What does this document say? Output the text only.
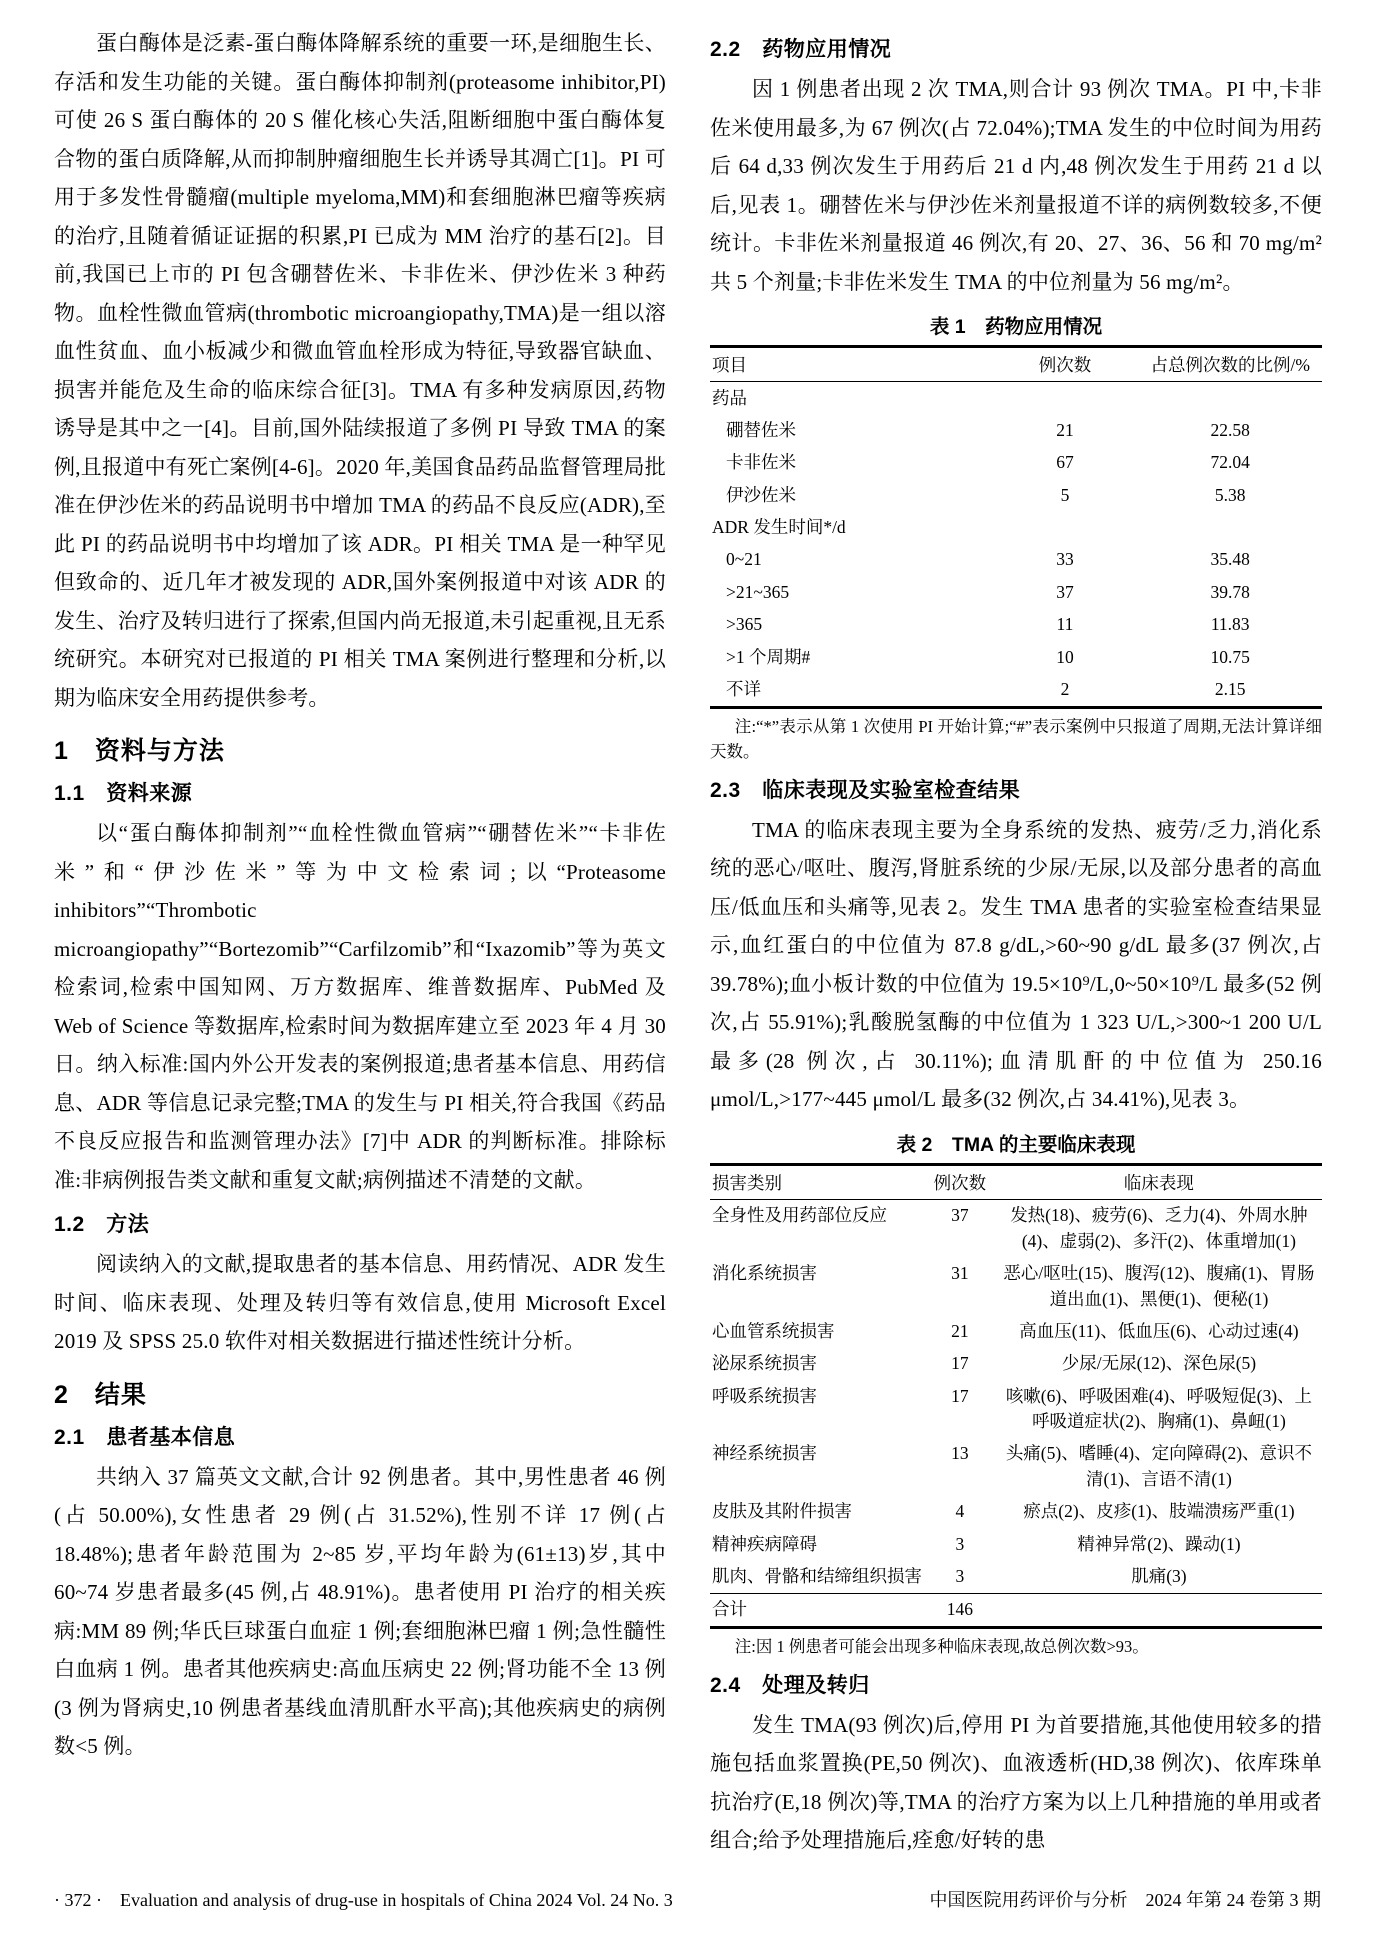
蛋白酶体是泛素-蛋白酶体降解系统的重要一环,是细胞生长、存活和发生功能的关键。蛋白酶体抑制剂(proteasome inhibitor,PI)可使 26 S 蛋白酶体的 20 S 催化核心失活,阻断细胞中蛋白酶体复合物的蛋白质降解,从而抑制肿瘤细胞生长并诱导其凋亡[1]。PI 可用于多发性骨髓瘤(multiple myeloma,MM)和套细胞淋巴瘤等疾病的治疗,且随着循证证据的积累,PI 已成为 MM 治疗的基石[2]。目前,我国已上市的 PI 包含硼替佐米、卡非佐米、伊沙佐米 3 种药物。血栓性微血管病(thrombotic microangiopathy,TMA)是一组以溶血性贫血、血小板减少和微血管血栓形成为特征,导致器官缺血、损害并能危及生命的临床综合征[3]。TMA 有多种发病原因,药物诱导是其中之一[4]。目前,国外陆续报道了多例 PI 导致 TMA 的案例,且报道中有死亡案例[4-6]。2020 年,美国食品药品监督管理局批准在伊沙佐米的药品说明书中增加 TMA 的药品不良反应(ADR),至此 PI 的药品说明书中均增加了该 ADR。PI 相关 TMA 是一种罕见但致命的、近几年才被发现的 ADR,国外案例报道中对该 ADR 的发生、治疗及转归进行了探索,但国内尚无报道,未引起重视,且无系统研究。本研究对已报道的 PI 相关 TMA 案例进行整理和分析,以期为临床安全用药提供参考。

1　资料与方法
1.1　资料来源

以“蛋白酶体抑制剂”“血栓性微血管病”“硼替佐米”“卡非佐米”和“伊沙佐米”等为中文检索词;以“Proteasome inhibitors”“Thrombotic microangiopathy”“Bortezomib”“Carfilzomib”和“Ixazomib”等为英文检索词,检索中国知网、万方数据库、维普数据库、PubMed 及 Web of Science 等数据库,检索时间为数据库建立至 2023 年 4 月 30 日。纳入标准:国内外公开发表的案例报道;患者基本信息、用药信息、ADR 等信息记录完整;TMA 的发生与 PI 相关,符合我国《药品不良反应报告和监测管理办法》[7]中 ADR 的判断标准。排除标准:非病例报告类文献和重复文献;病例描述不清楚的文献。

1.2　方法

阅读纳入的文献,提取患者的基本信息、用药情况、ADR 发生时间、临床表现、处理及转归等有效信息,使用 Microsoft Excel 2019 及 SPSS 25.0 软件对相关数据进行描述性统计分析。

2　结果
2.1　患者基本信息

共纳入 37 篇英文文献,合计 92 例患者。其中,男性患者 46 例(占 50.00%),女性患者 29 例(占 31.52%),性别不详 17 例(占 18.48%);患者年龄范围为 2~85 岁,平均年龄为(61±13)岁,其中 60~74 岁患者最多(45 例,占 48.91%)。患者使用 PI 治疗的相关疾病:MM 89 例;华氏巨球蛋白血症 1 例;套细胞淋巴瘤 1 例;急性髓性白血病 1 例。患者其他疾病史:高血压病史 22 例;肾功能不全 13 例(3 例为肾病史,10 例患者基线血清肌酐水平高);其他疾病史的病例数<5 例。

2.2　药物应用情况

因 1 例患者出现 2 次 TMA,则合计 93 例次 TMA。PI 中,卡非佐米使用最多,为 67 例次(占 72.04%);TMA 发生的中位时间为用药后 64 d,33 例次发生于用药后 21 d 内,48 例次发生于用药 21 d 以后,见表 1。硼替佐米与伊沙佐米剂量报道不详的病例数较多,不便统计。卡非佐米剂量报道 46 例次,有 20、27、36、56 和 70 mg/m² 共 5 个剂量;卡非佐米发生 TMA 的中位剂量为 56 mg/m²。

表 1　药物应用情况
项目	例次数	占总例次数的比例/%
药品		
硼替佐米	21	22.58
卡非佐米	67	72.04
伊沙佐米	5	5.38
ADR 发生时间*/d		
0~21	33	35.48
>21~365	37	39.78
>365	11	11.83
>1 个周期#	10	10.75
不详	2	2.15

注:“*”表示从第 1 次使用 PI 开始计算;“#”表示案例中只报道了周期,无法计算详细天数。

2.3　临床表现及实验室检查结果

TMA 的临床表现主要为全身系统的发热、疲劳/乏力,消化系统的恶心/呕吐、腹泻,肾脏系统的少尿/无尿,以及部分患者的高血压/低血压和头痛等,见表 2。发生 TMA 患者的实验室检查结果显示,血红蛋白的中位值为 87.8 g/dL,>60~90 g/dL 最多(37 例次,占 39.78%);血小板计数的中位值为 19.5×10⁹/L,0~50×10⁹/L 最多(52 例次,占 55.91%);乳酸脱氢酶的中位值为 1 323 U/L,>300~1 200 U/L 最多(28 例次,占 30.11%);血清肌酐的中位值为 250.16 μmol/L,>177~445 μmol/L 最多(32 例次,占 34.41%),见表 3。

表 2　TMA 的主要临床表现
损害类别	例次数	临床表现
全身性及用药部位反应	37	发热(18)、疲劳(6)、乏力(4)、外周水肿(4)、虚弱(2)、多汗(2)、体重增加(1)
消化系统损害	31	恶心/呕吐(15)、腹泻(12)、腹痛(1)、胃肠道出血(1)、黑便(1)、便秘(1)
心血管系统损害	21	高血压(11)、低血压(6)、心动过速(4)
泌尿系统损害	17	少尿/无尿(12)、深色尿(5)
呼吸系统损害	17	咳嗽(6)、呼吸困难(4)、呼吸短促(3)、上呼吸道症状(2)、胸痛(1)、鼻衄(1)
神经系统损害	13	头痛(5)、嗜睡(4)、定向障碍(2)、意识不清(1)、言语不清(1)
皮肤及其附件损害	4	瘀点(2)、皮疹(1)、肢端溃疡严重(1)
精神疾病障碍	3	精神异常(2)、躁动(1)
肌肉、骨骼和结缔组织损害	3	肌痛(3)
合计	146	

注:因 1 例患者可能会出现多种临床表现,故总例次数>93。

2.4　处理及转归

发生 TMA(93 例次)后,停用 PI 为首要措施,其他使用较多的措施包括血浆置换(PE,50 例次)、血液透析(HD,38 例次)、依库珠单抗治疗(E,18 例次)等,TMA 的治疗方案为以上几种措施的单用或者组合;给予处理措施后,痊愈/好转的患

· 372 ·　Evaluation and analysis of drug-use in hospitals of China 2024 Vol. 24 No. 3	中国医院用药评价与分析　2024 年第 24 卷第 3 期
